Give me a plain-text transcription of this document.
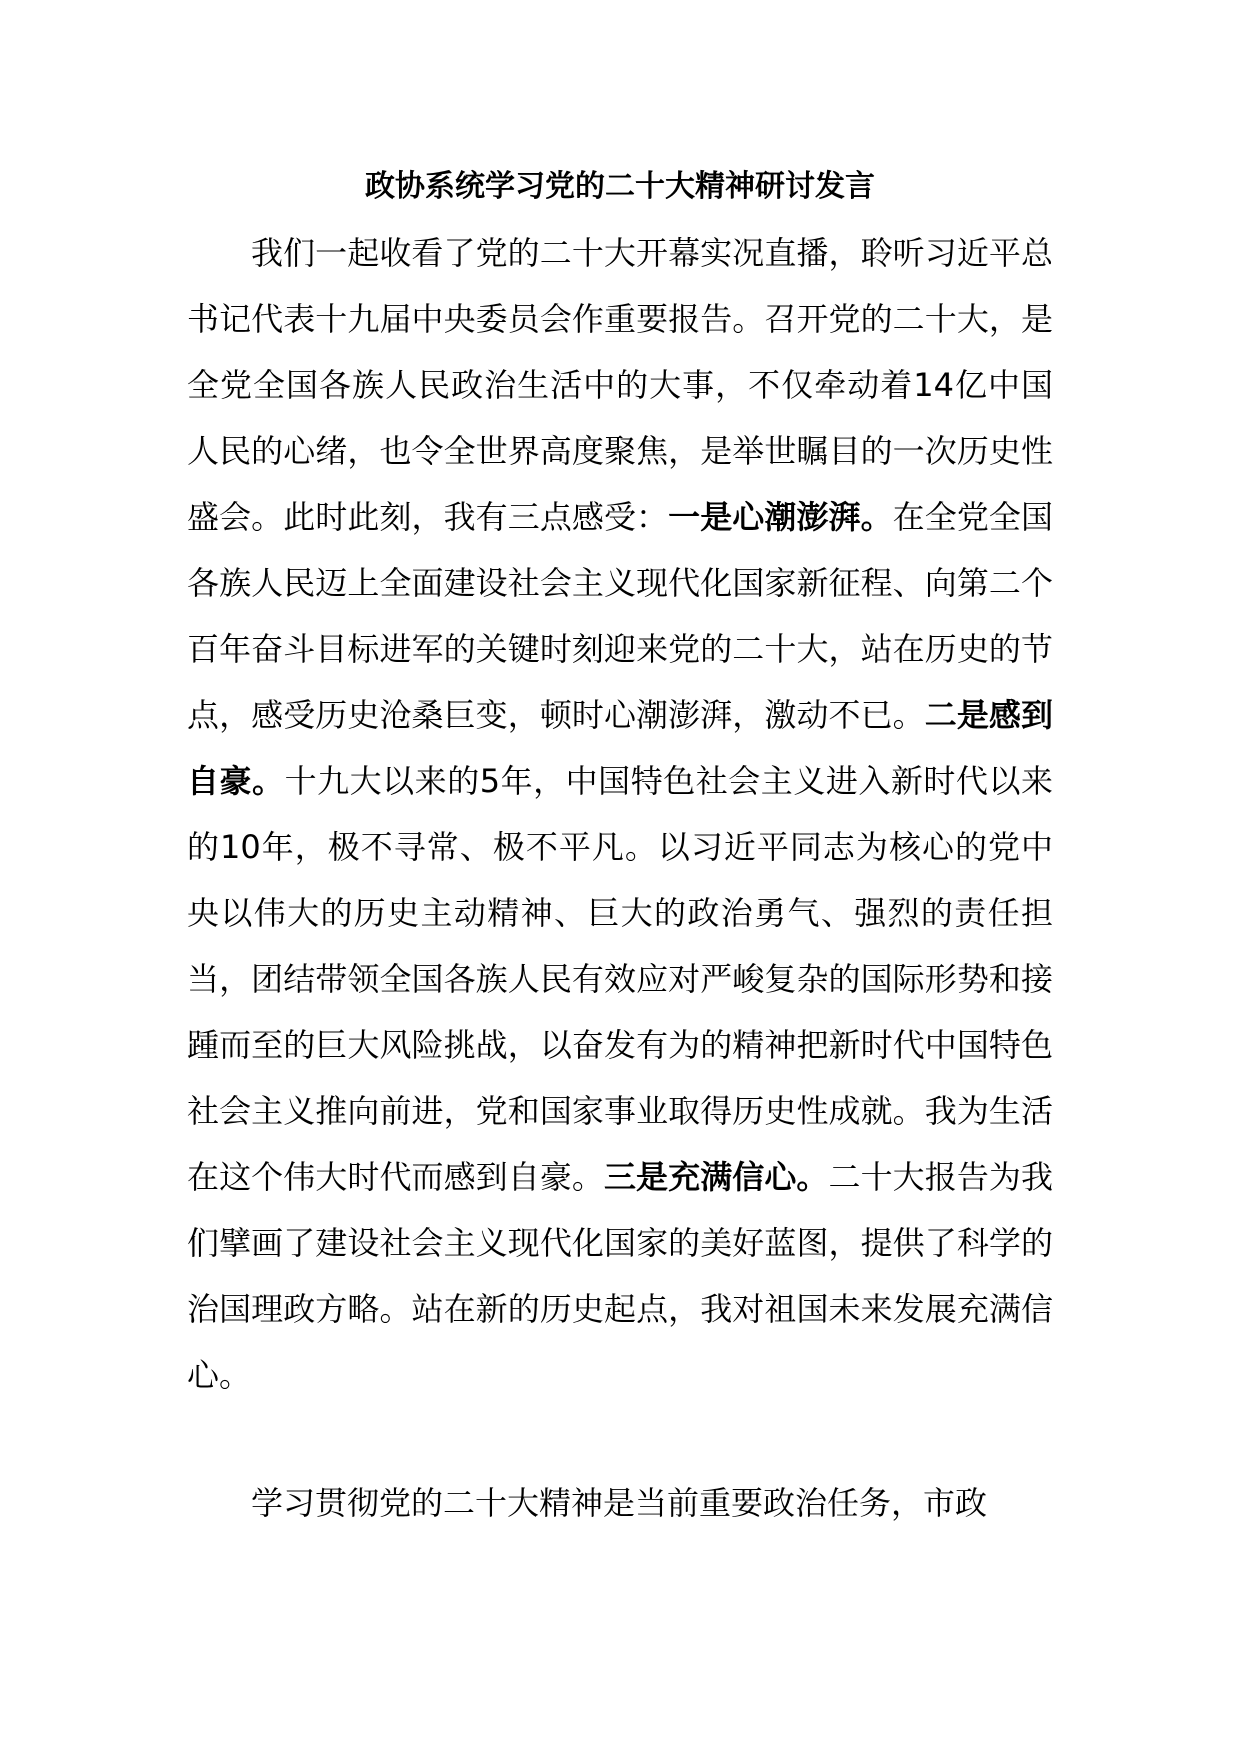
政协系统学习党的二十大精神研讨发言

我们一起收看了党的二十大开幕实况直播，聆听习近平总书记代表十九届中央委员会作重要报告。召开党的二十大，是全党全国各族人民政治生活中的大事，不仅牵动着14亿中国人民的心绪，也令全世界高度聚焦，是举世瞩目的一次历史性盛会。此时此刻，我有三点感受：一是心潮澎湃。在全党全国各族人民迈上全面建设社会主义现代化国家新征程、向第二个百年奋斗目标进军的关键时刻迎来党的二十大，站在历史的节点，感受历史沧桑巨变，顿时心潮澎湃，激动不已。二是感到自豪。十九大以来的5年，中国特色社会主义进入新时代以来的10年，极不寻常、极不平凡。以习近平同志为核心的党中央以伟大的历史主动精神、巨大的政治勇气、强烈的责任担当，团结带领全国各族人民有效应对严峻复杂的国际形势和接踵而至的巨大风险挑战，以奋发有为的精神把新时代中国特色社会主义推向前进，党和国家事业取得历史性成就。我为生活在这个伟大时代而感到自豪。三是充满信心。二十大报告为我们擘画了建设社会主义现代化国家的美好蓝图，提供了科学的治国理政方略。站在新的历史起点，我对祖国未来发展充满信心。

学习贯彻党的二十大精神是当前重要政治任务，市政
